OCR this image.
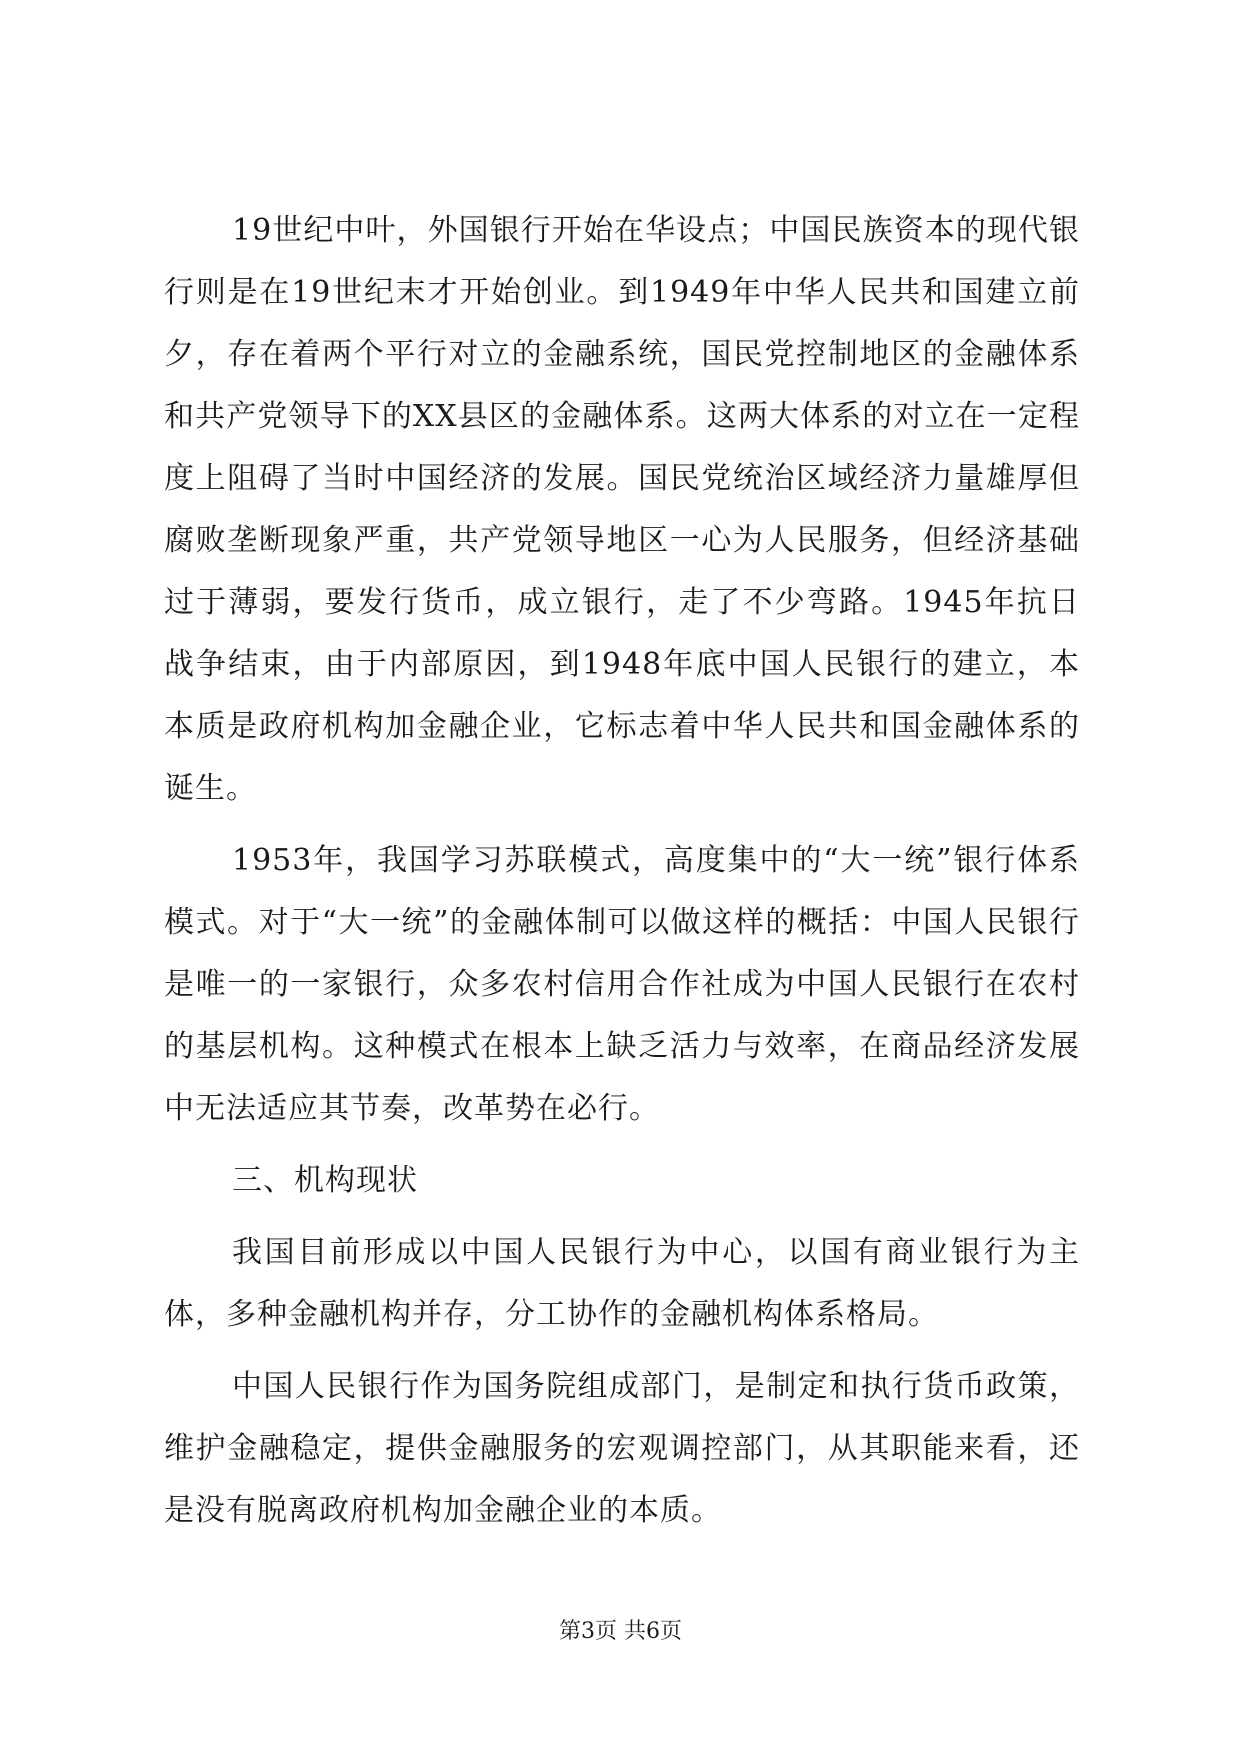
19世纪中叶，外国银行开始在华设点；中国民族资本的现代银行则是在19世纪末才开始创业。到1949年中华人民共和国建立前夕，存在着两个平行对立的金融系统，国民党控制地区的金融体系和共产党领导下的XX县区的金融体系。这两大体系的对立在一定程度上阻碍了当时中国经济的发展。国民党统治区域经济力量雄厚但腐败垄断现象严重，共产党领导地区一心为人民服务，但经济基础过于薄弱，要发行货币，成立银行，走了不少弯路。1945年抗日战争结束，由于内部原因，到1948年底中国人民银行的建立，本本质是政府机构加金融企业，它标志着中华人民共和国金融体系的诞生。

1953年，我国学习苏联模式，高度集中的“大一统”银行体系模式。对于“大一统”的金融体制可以做这样的概括：中国人民银行是唯一的一家银行，众多农村信用合作社成为中国人民银行在农村的基层机构。这种模式在根本上缺乏活力与效率，在商品经济发展中无法适应其节奏，改革势在必行。

三、机构现状

我国目前形成以中国人民银行为中心，以国有商业银行为主体，多种金融机构并存，分工协作的金融机构体系格局。

中国人民银行作为国务院组成部门，是制定和执行货币政策，维护金融稳定，提供金融服务的宏观调控部门，从其职能来看，还是没有脱离政府机构加金融企业的本质。

第3页 共6页
